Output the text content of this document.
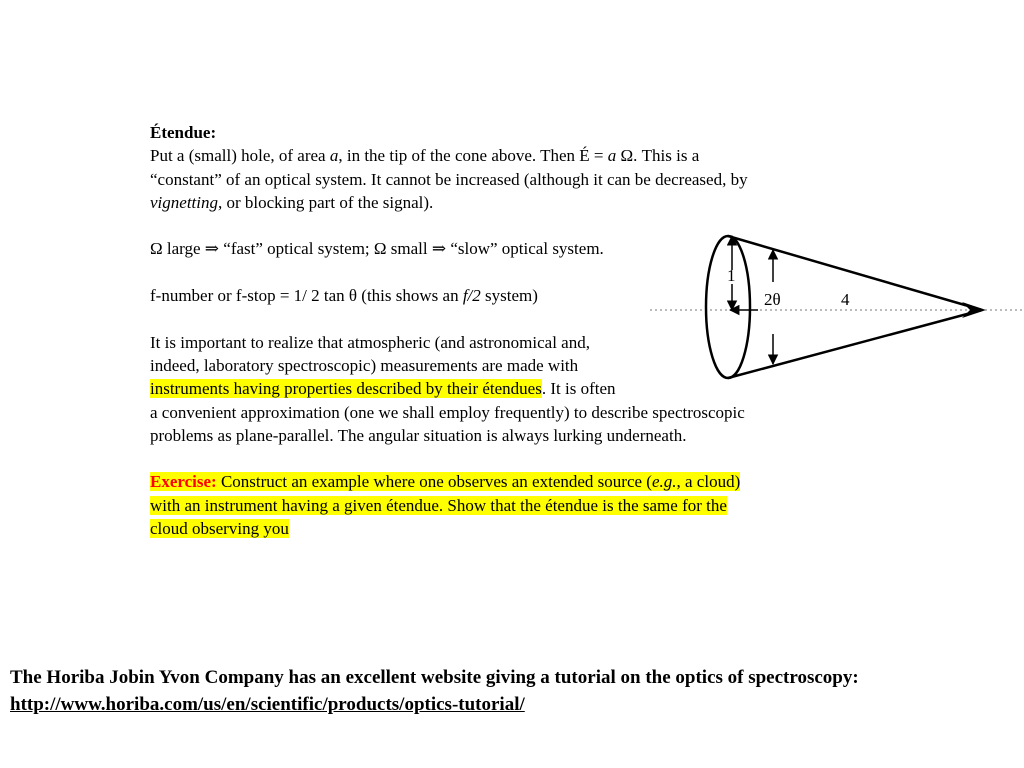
Étendue:

Put a (small) hole, of area a, in the tip of the cone above. Then É = a Ω. This is a

“constant” of an optical system. It cannot be increased (although it can be decreased, by

vignetting, or blocking part of the signal).

Ω large ⇒ “fast” optical system; Ω small ⇒ “slow” optical system.

f-number or f-stop = 1/ 2 tan θ (this shows an f/2 system)

It is important to realize that atmospheric (and astronomical and,

indeed, laboratory spectroscopic) measurements are made with

instruments having properties described by their étendues. It is often

a convenient approximation (one we shall employ frequently) to describe spectroscopic

problems as plane-parallel. The angular situation is always lurking underneath.

Exercise: Construct an example where one observes an extended source (e.g., a cloud)

with an instrument having a given étendue. Show that the étendue is the same for the

cloud observing you

1
2θ	4
The Horiba Jobin Yvon Company has an excellent website giving a tutorial on the optics of spectroscopy: http://www.horiba.com/us/en/scientific/products/optics-tutorial/
